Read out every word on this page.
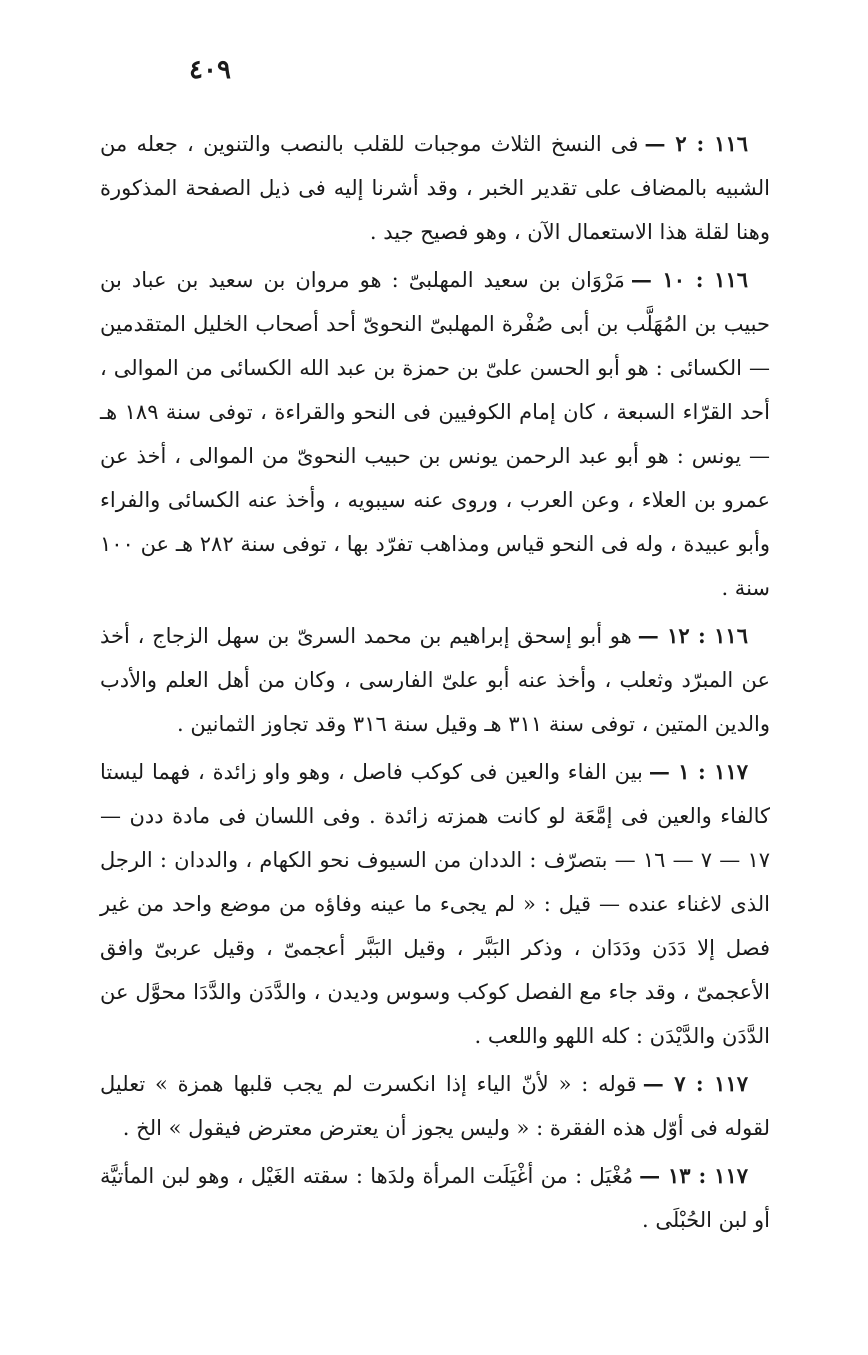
٤٠٩

١١٦ : ٢ —فى النسخ الثلاث موجبات للقلب بالنصب والتنوين ، جعله من الشبيه بالمضاف على تقدير الخبر ، وقد أشرنا إليه فى ذيل الصفحة المذكورة وهنا لقلة هذا الاستعمال الآن ، وهو فصيح جيد .

١١٦ : ١٠ —مَرْوَان بن سعيد المهلبىّ : هو مروان بن سعيد بن عباد بن حبيب بن المُهَلَّب بن أبى صُفْرة المهلبىّ النحوىّ أحد أصحاب الخليل المتقدمين — الكسائى : هو أبو الحسن علىّ بن حمزة بن عبد الله الكسائى من الموالى ، أحد القرّاء السبعة ، كان إمام الكوفيين فى النحو والقراءة ، توفى سنة ١٨٩ هـ — يونس : هو أبو عبد الرحمن يونس بن حبيب النحوىّ من الموالى ، أخذ عن عمرو بن العلاء ، وعن العرب ، وروى عنه سيبويه ، وأخذ عنه الكسائى والفراء وأبو عبيدة ، وله فى النحو قياس ومذاهب تفرّد بها ، توفى سنة ٢٨٢ هـ عن ١٠٠ سنة .

١١٦ : ١٢ —هو أبو إسحق إبراهيم بن محمد السرىّ بن سهل الزجاج ، أخذ عن المبرّد وثعلب ، وأخذ عنه أبو علىّ الفارسى ، وكان من أهل العلم والأدب والدين المتين ، توفى سنة ٣١١ هـ وقيل سنة ٣١٦ وقد تجاوز الثمانين .

١١٧ : ١ —بين الفاء والعين فى كوكب فاصل ، وهو واو زائدة ، فهما ليستا كالفاء والعين فى إمَّعَة لو كانت همزته زائدة . وفى اللسان فى مادة ددن — ١٧ — ٧ — ١٦ — بتصرّف : الددان من السيوف نحو الكهام ، والددان : الرجل الذى لاغناء عنده — قيل : « لم يجىء ما عينه وفاؤه من موضع واحد من غير فصل إلا دَدَن ودَدَان ، وذكر البَبَّر ، وقيل البَبَّر أعجمىّ ، وقيل عربىّ وافق الأعجمىّ ، وقد جاء مع الفصل كوكب وسوس وديدن ، والدَّدَن والدَّدَا محوَّل عن الدَّدَن والدَّيْدَن : كله اللهو واللعب .

١١٧ : ٧ —قوله : « لأنّ الياء إذا انكسرت لم يجب قلبها همزة » تعليل لقوله فى أوّل هذه الفقرة : « وليس يجوز أن يعترض معترض فيقول » الخ .

١١٧ : ١٣ —مُغْيَل : من أغْيَلَت المرأة ولدَها : سقته الغَيْل ، وهو لبن المأتيَّة أو لبن الحُبْلَى .
